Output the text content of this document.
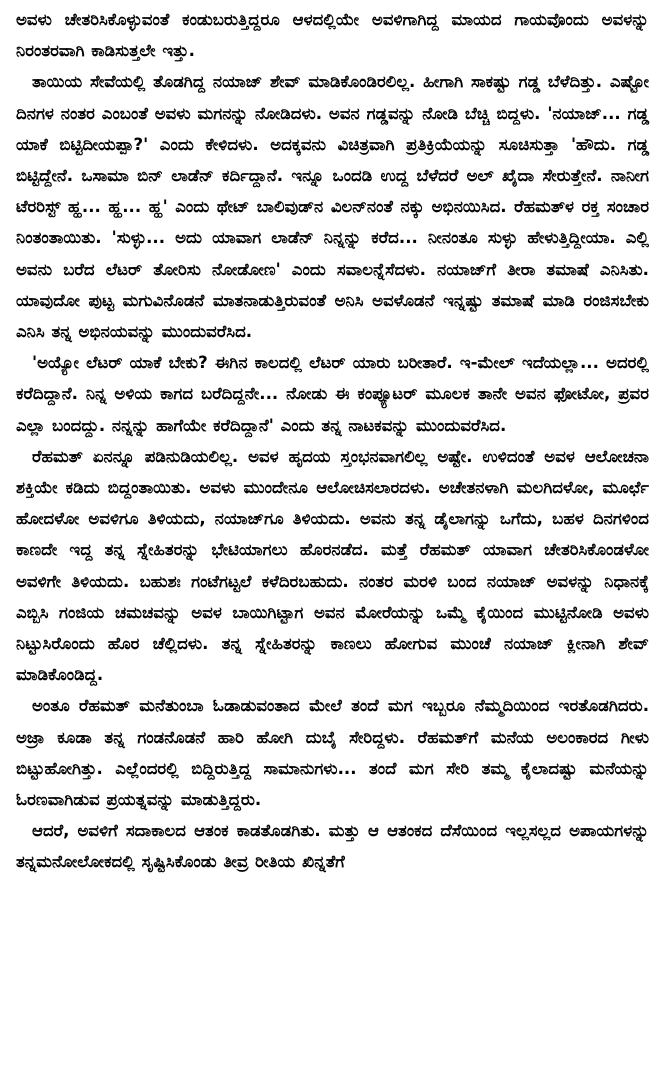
ಅವಳು ಚೇತರಿಸಿಕೊಳ್ಳುವಂತೆ ಕಂಡುಬರುತ್ತಿದ್ದರೂ ಆಳದಲ್ಲಿಯೇ ಅವಳಿಗಾಗಿದ್ದ ಮಾಯದ ಗಾಯವೊಂದು ಅವಳನ್ನು ನಿರಂತರವಾಗಿ ಕಾಡಿಸುತ್ತಲೇ ಇತ್ತು.

ತಾಯಿಯ ಸೇವೆಯಲ್ಲಿ ತೊಡಗಿದ್ದ ನಯಾಜ್ ಶೇವ್ ಮಾಡಿಕೊಂಡಿರಲಿಲ್ಲ. ಹೀಗಾಗಿ ಸಾಕಷ್ಟು ಗಡ್ಡ ಬೆಳೆದಿತ್ತು. ಎಷ್ಟೋ ದಿನಗಳ ನಂತರ ಎಂಬಂತೆ ಅವಳು ಮಗನನ್ನು ನೋಡಿದಳು. ಅವನ ಗಡ್ಡವನ್ನು ನೋಡಿ ಬೆಚ್ಚಿ ಬಿದ್ದಳು. 'ನಯಾಜ್... ಗಡ್ಡ ಯಾಕೆ ಬಿಟ್ಟಿದೀಯಪ್ಪಾ?' ಎಂದು ಕೇಳಿದಳು. ಅದಕ್ಕವನು ವಿಚಿತ್ರವಾಗಿ ಪ್ರತಿಕ್ರಿಯೆಯನ್ನು ಸೂಚಿಸುತ್ತಾ 'ಹೌದು. ಗಡ್ಡ ಬಿಟ್ಟಿದ್ದೇನೆ. ಒಸಾಮಾ ಬಿನ್ ಲಾಡೆನ್ ಕರ್ದಿದ್ದಾನೆ. ಇನ್ನೂ ಒಂದಡಿ ಉದ್ದ ಬೆಳೆದರೆ ಅಲ್ ಖೈದಾ ಸೇರುತ್ತೇನೆ. ನಾನೀಗ ಟೆರರಿಸ್ಟ್ ಹ್ಹ... ಹ್ಹ... ಹ್ಹ' ಎಂದು ಥೇಟ್ ಬಾಲಿವುಡ್‌ನ ವಿಲನ್‌ನಂತೆ ನಕ್ಕು ಅಭಿನಯಿಸಿದ. ರೆಹಮತ್‌ಳ ರಕ್ತ ಸಂಚಾರ ನಿಂತಂತಾಯಿತು. 'ಸುಳ್ಳು... ಅದು ಯಾವಾಗ ಲಾಡೆನ್ ನಿನ್ನನ್ನು ಕರೆದ... ನೀನಂತೂ ಸುಳ್ಳು ಹೇಳುತ್ತಿದ್ದೀಯಾ. ಎಲ್ಲಿ ಅವನು ಬರೆದ ಲೆಟರ್ ತೋರಿಸು ನೋಡೋಣ' ಎಂದು ಸವಾಲನ್ನೆಸೆದಳು. ನಯಾಜ್‌ಗೆ ತೀರಾ ತಮಾಷೆ ಎನಿಸಿತು. ಯಾವುದೋ ಪುಟ್ಟ ಮಗುವಿನೊಡನೆ ಮಾತನಾಡುತ್ತಿರುವಂತೆ ಅನಿಸಿ ಅವಳೊಡನೆ ಇನ್ನಷ್ಟು ತಮಾಷೆ ಮಾಡಿ ರಂಜಿಸಬೇಕು ಎನಿಸಿ ತನ್ನ ಅಭಿನಯವನ್ನು ಮುಂದುವರೆಸಿದ.

'ಅಯ್ಯೋ ಲೆಟರ್ ಯಾಕೆ ಬೇಕು? ಈಗಿನ ಕಾಲದಲ್ಲಿ ಲೆಟರ್ ಯಾರು ಬರೀತಾರೆ. ಇ-ಮೇಲ್ ಇದೆಯಲ್ಲಾ... ಅದರಲ್ಲಿ ಕರೆದಿದ್ದಾನೆ. ನಿನ್ನ ಅಳಿಯ ಕಾಗದ ಬರೆದಿದ್ದನೇ... ನೋಡು ಈ ಕಂಪ್ಯೂಟರ್ ಮೂಲಕ ತಾನೇ ಅವನ ಫೋಟೋ, ಪ್ರವರ ಎಲ್ಲಾ ಬಂದದ್ದು. ನನ್ನನ್ನು ಹಾಗೆಯೇ ಕರೆದಿದ್ದಾನೆ' ಎಂದು ತನ್ನ ನಾಟಕವನ್ನು ಮುಂದುವರೆಸಿದ.

ರೆಹಮತ್ ಏನನ್ನೂ ಪಡಿನುಡಿಯಲಿಲ್ಲ. ಅವಳ ಹೃದಯ ಸ್ತಂಭನವಾಗಲಿಲ್ಲ ಅಷ್ಟೇ. ಉಳಿದಂತೆ ಅವಳ ಆಲೋಚನಾ ಶಕ್ತಿಯೇ ಕಡಿದು ಬಿದ್ದಂತಾಯಿತು. ಅವಳು ಮುಂದೇನೂ ಆಲೋಚಿಸಲಾರದಳು. ಅಚೇತನಳಾಗಿ ಮಲಗಿದಳೋ, ಮೂರ್ಛೆ ಹೋದಳೋ ಅವಳಿಗೂ ತಿಳಿಯದು, ನಯಾಜ್‌ಗೂ ತಿಳಿಯದು. ಅವನು ತನ್ನ ಡೈಲಾಗನ್ನು ಒಗೆದು, ಬಹಳ ದಿನಗಳಿಂದ ಕಾಣದೇ ಇದ್ದ ತನ್ನ ಸ್ನೇಹಿತರನ್ನು ಭೇಟಿಯಾಗಲು ಹೊರನಡೆದ. ಮತ್ತೆ ರೆಹಮತ್ ಯಾವಾಗ ಚೇತರಿಸಿಕೊಂಡಳೋ ಅವಳಿಗೇ ತಿಳಿಯದು. ಬಹುಶಃ ಗಂಟೆಗಟ್ಟಲೆ ಕಳೆದಿರಬಹುದು. ನಂತರ ಮರಳಿ ಬಂದ ನಯಾಜ್ ಅವಳನ್ನು ನಿಧಾನಕ್ಕೆ ಎಬ್ಬಿಸಿ ಗಂಜಿಯ ಚಮಚವನ್ನು ಅವಳ ಬಾಯಿಗಿಟ್ಟಾಗ ಅವನ ಮೋರೆಯನ್ನು ಒಮ್ಮೆ ಕೈಯಿಂದ ಮುಟ್ಟಿನೋಡಿ ಅವಳು ನಿಟ್ಟುಸಿರೊಂದು ಹೊರ ಚೆಲ್ಲಿದಳು. ತನ್ನ ಸ್ನೇಹಿತರನ್ನು ಕಾಣಲು ಹೋಗುವ ಮುಂಚೆ ನಯಾಜ್ ಕ್ಲೀನಾಗಿ ಶೇವ್ ಮಾಡಿಕೊಂಡಿದ್ದ.

ಅಂತೂ ರೆಹಮತ್ ಮನೆತುಂಬಾ ಓಡಾಡುವಂತಾದ ಮೇಲೆ ತಂದೆ ಮಗ ಇಬ್ಬರೂ ನೆಮ್ಮದಿಯಿಂದ ಇರತೊಡಗಿದರು. ಅಜ್ರಾ ಕೂಡಾ ತನ್ನ ಗಂಡನೊಡನೆ ಹಾರಿ ಹೋಗಿ ದುಬೈ ಸೇರಿದ್ದಳು. ರೆಹಮತ್‌ಗೆ ಮನೆಯ ಅಲಂಕಾರದ ಗೀಳು ಬಿಟ್ಟುಹೋಗಿತ್ತು. ಎಲ್ಲೆಂದರಲ್ಲಿ ಬಿದ್ದಿರುತ್ತಿದ್ದ ಸಾಮಾನುಗಳು... ತಂದೆ ಮಗ ಸೇರಿ ತಮ್ಮ ಕೈಲಾದಷ್ಟು ಮನೆಯನ್ನು ಓರಣವಾಗಿಡುವ ಪ್ರಯತ್ನವನ್ನು ಮಾಡುತ್ತಿದ್ದರು.

ಆದರೆ, ಅವಳಿಗೆ ಸದಾಕಾಲದ ಆತಂಕ ಕಾಡತೊಡಗಿತು. ಮತ್ತು ಆ ಆತಂಕದ ದೆಸೆಯಿಂದ ಇಲ್ಲಸಲ್ಲದ ಅಪಾಯಗಳನ್ನು ತನ್ನಮನೋಲೋಕದಲ್ಲಿ ಸೃಷ್ಟಿಸಿಕೊಂಡು ತೀವ್ರ ರೀತಿಯ ಖಿನ್ನತೆಗೆ
